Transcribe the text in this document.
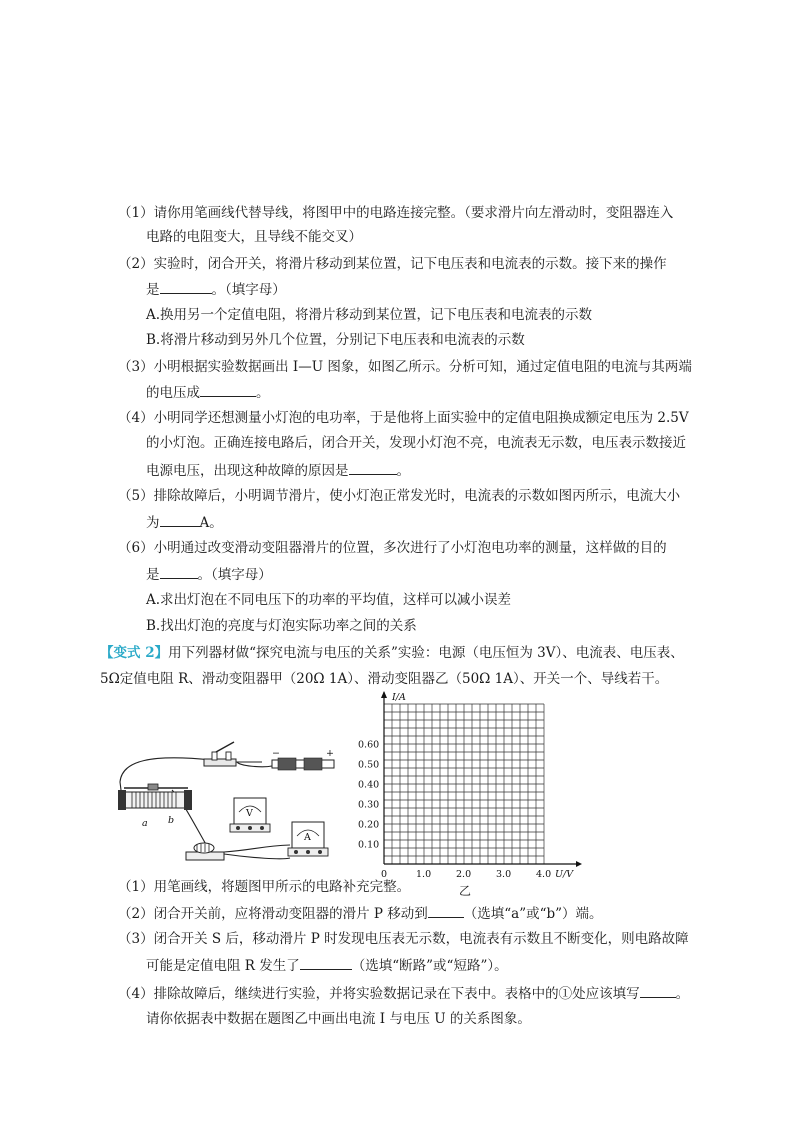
（1）请你用笔画线代替导线，将图甲中的电路连接完整。（要求滑片向左滑动时，变阻器连入
电路的电阻变大，且导线不能交叉）
（2）实验时，闭合开关，将滑片移动到某位置，记下电压表和电流表的示数。接下来的操作
是	。（填字母）
A.换用另一个定值电阻，将滑片移动到某位置，记下电压表和电流表的示数
B.将滑片移动到另外几个位置，分别记下电压表和电流表的示数
（3）小明根据实验数据画出 I—U 图象，如图乙所示。分析可知，通过定值电阻的电流与其两端
的电压成	。
（4）小明同学还想测量小灯泡的电功率，于是他将上面实验中的定值电阻换成额定电压为 2.5V
的小灯泡。正确连接电路后，闭合开关，发现小灯泡不亮，电流表无示数，电压表示数接近
电源电压，出现这种故障的原因是	。
（5）排除故障后，小明调节滑片，使小灯泡正常发光时，电流表的示数如图丙所示，电流大小
为	A。
（6）小明通过改变滑动变阻器滑片的位置，多次进行了小灯泡电功率的测量，这样做的目的
是	。（填字母）
A.求出灯泡在不同电压下的功率的平均值，这样可以减小误差
B.找出灯泡的亮度与灯泡实际功率之间的关系
【变式 2】用下列器材做“探究电流与电压的关系”实验：电源（电压恒为 3V）、电流表、电压表、
5Ω定值电阻 R、滑动变阻器甲（20Ω 1A）、滑动变阻器乙（50Ω 1A）、开关一个、导线若干。
−	+
a b
V
A
I/A
U/V
0.10
0.20
0.30
0.40
0.50
0.60
0	1.0	2.0	3.0	4.0
乙
（1）用笔画线，将题图甲所示的电路补充完整。
（2）闭合开关前，应将滑动变阻器的滑片 P 移动到	（选填“a”或“b”）端。
（3）闭合开关 S 后，移动滑片 P 时发现电压表无示数，电流表有示数且不断变化，则电路故障
可能是定值电阻 R 发生了	（选填“断路”或“短路”）。
（4）排除故障后，继续进行实验，并将实验数据记录在下表中。表格中的①处应该填写	。
请你依据表中数据在题图乙中画出电流 I 与电压 U 的关系图象。
